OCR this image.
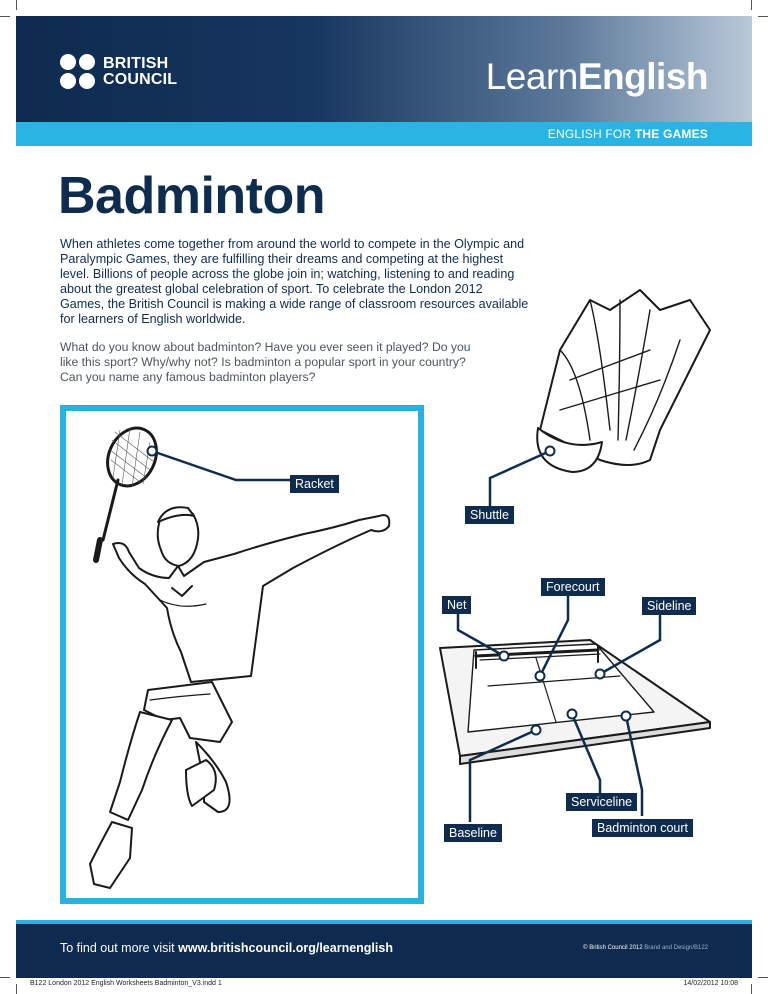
BRITISH
COUNCIL	LearnEnglish
ENGLISH FOR THE GAMES
Badminton

When athletes come together from around the world to compete in the Olympic and Paralympic Games, they are fulfilling their dreams and competing at the highest level. Billions of people across the globe join in; watching, listening to and reading about the greatest global celebration of sport. To celebrate the London 2012 Games, the British Council is making a wide range of classroom resources available for learners of English worldwide.

What do you know about badminton? Have you ever seen it played? Do you like this sport? Why/why not? Is badminton a popular sport in your country? Can you name any famous badminton players?

Racket
Shuttle
Forecourt
Net	Sideline
Serviceline
Baseline	Badminton court
To find out more visit www.britishcouncil.org/learnenglish	© British Council 2012 Brand and Design/B122
B122 London 2012 English Worksheets Badminton_V3.indd 1	14/02/2012 10:08
